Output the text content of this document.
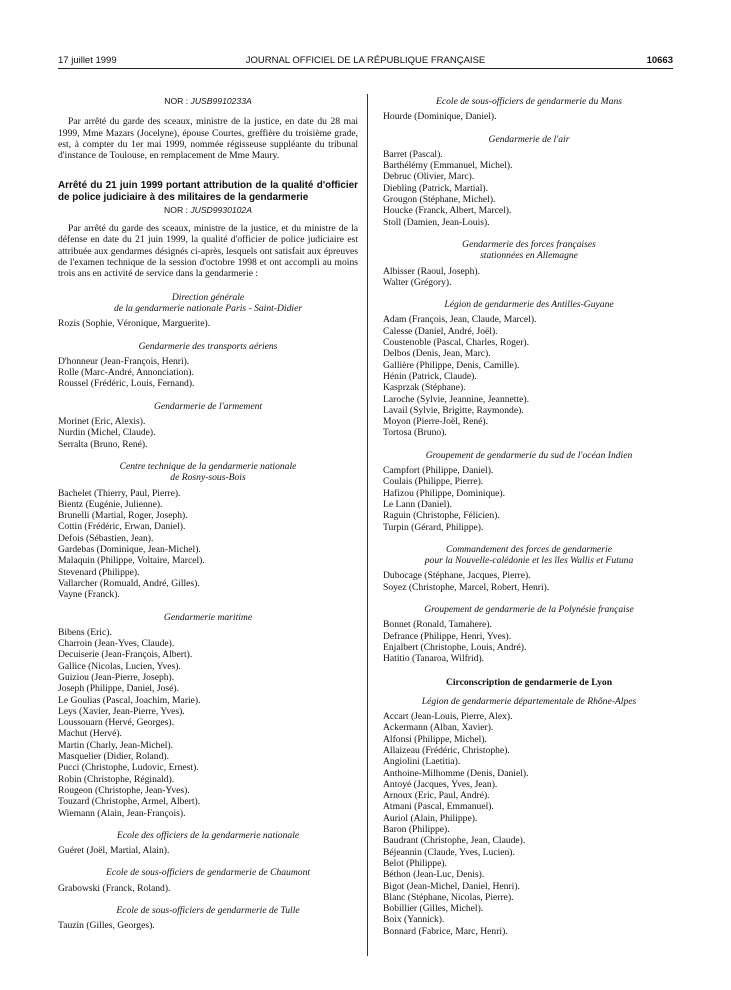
17 juillet 1999	JOURNAL OFFICIEL DE LA RÉPUBLIQUE FRANÇAISE	10663

NOR : JUSB9910233A

Par arrêté du garde des sceaux, ministre de la justice, en date du 28 mai 1999, Mme Mazars (Jocelyne), épouse Courtes, greffière du troisième grade, est, à compter du 1er mai 1999, nommée régisseuse suppléante du tribunal d'instance de Toulouse, en remplacement de Mme Maury.

Arrêté du 21 juin 1999 portant attribution de la qualité d'officier de police judiciaire à des militaires de la gendarmerie

NOR : JUSD9930102A

Par arrêté du garde des sceaux, ministre de la justice, et du ministre de la défense en date du 21 juin 1999, la qualité d'officier de police judiciaire est attribuée aux gendarmes désignés ci-après, lesquels ont satisfait aux épreuves de l'examen technique de la session d'octobre 1998 et ont accompli au moins trois ans en activité de service dans la gendarmerie :

Direction générale

de la gendarmerie nationale Paris - Saint-Didier

Rozis (Sophie, Véronique, Marguerite).

Gendarmerie des transports aériens

D'honneur (Jean-François, Henri).
Rolle (Marc-André, Annonciation).
Roussel (Frédéric, Louis, Fernand).

Gendarmerie de l'armement

Morinet (Eric, Alexis).
Nurdin (Michel, Claude).
Serralta (Bruno, René).

Centre technique de la gendarmerie nationale

de Rosny-sous-Bois

Bachelet (Thierry, Paul, Pierre).
Bientz (Eugénie, Julienne).
Brunelli (Martial, Roger, Joseph).
Cottin (Frédéric, Erwan, Daniel).
Defois (Sébastien, Jean).
Gardebas (Dominique, Jean-Michel).
Malaquin (Philippe, Voltaire, Marcel).
Stevenard (Philippe).
Vallarcher (Romuald, André, Gilles).
Vayne (Franck).

Gendarmerie maritime

Bibens (Eric).
Charroin (Jean-Yves, Claude).
Decuiserie (Jean-François, Albert).
Gallice (Nicolas, Lucien, Yves).
Guiziou (Jean-Pierre, Joseph).
Joseph (Philippe, Daniel, José).
Le Goulias (Pascal, Joachim, Marie).
Leys (Xavier, Jean-Pierre, Yves).
Loussouarn (Hervé, Georges).
Machut (Hervé).
Martin (Charly, Jean-Michel).
Masquelier (Didier, Roland).
Pucci (Christophe, Ludovic, Ernest).
Robin (Christophe, Réginald).
Rougeon (Christophe, Jean-Yves).
Touzard (Christophe, Armel, Albert).
Wiemann (Alain, Jean-François).

Ecole des officiers de la gendarmerie nationale

Guéret (Joël, Martial, Alain).

Ecole de sous-officiers de gendarmerie de Chaumont

Grabowski (Franck, Roland).

Ecole de sous-officiers de gendarmerie de Tulle

Tauzin (Gilles, Georges).

Ecole de sous-officiers de gendarmerie du Mans

Hourde (Dominique, Daniel).

Gendarmerie de l'air

Barret (Pascal).
Barthélémy (Emmanuel, Michel).
Debruc (Olivier, Marc).
Diebling (Patrick, Martial).
Grougon (Stéphane, Michel).
Houcke (Franck, Albert, Marcel).
Stoll (Damien, Jean-Louis).

Gendarmerie des forces françaises

stationnées en Allemagne

Albisser (Raoul, Joseph).
Walter (Grégory).

Légion de gendarmerie des Antilles-Guyane

Adam (François, Jean, Claude, Marcel).
Calesse (Daniel, André, Joël).
Coustenoble (Pascal, Charles, Roger).
Delbos (Denis, Jean, Marc).
Gallière (Philippe, Denis, Camille).
Hénin (Patrick, Claude).
Kasprzak (Stéphane).
Laroche (Sylvie, Jeannine, Jeannette).
Lavail (Sylvie, Brigitte, Raymonde).
Moyon (Pierre-Joël, René).
Tortosa (Bruno).

Groupement de gendarmerie du sud de l'océan Indien

Campfort (Philippe, Daniel).
Coulais (Philippe, Pierre).
Hafizou (Philippe, Dominique).
Le Lann (Daniel).
Raguin (Christophe, Félicien).
Turpin (Gérard, Philippe).

Commandement des forces de gendarmerie

pour la Nouvelle-calédonie et les îles Wallis et Futuna

Dubocage (Stéphane, Jacques, Pierre).
Soyez (Christophe, Marcel, Robert, Henri).

Groupement de gendarmerie de la Polynésie française

Bonnet (Ronald, Tamahere).
Defrance (Philippe, Henri, Yves).
Enjalbert (Christophe, Louis, André).
Hatitio (Tanaroa, Wilfrid).

Circonscription de gendarmerie de Lyon

Légion de gendarmerie départementale de Rhône-Alpes

Accart (Jean-Louis, Pierre, Alex).
Ackermann (Alban, Xavier).
Alfonsi (Philippe, Michel).
Allaizeau (Frédéric, Christophe).
Angiolini (Laetitia).
Anthoine-Milhomme (Denis, Daniel).
Antoyé (Jacques, Yves, Jean).
Arnoux (Eric, Paul, André).
Atmani (Pascal, Emmanuel).
Auriol (Alain, Philippe).
Baron (Philippe).
Baudrant (Christophe, Jean, Claude).
Béjeannin (Claude, Yves, Lucien).
Belot (Philippe).
Béthon (Jean-Luc, Denis).
Bigot (Jean-Michel, Daniel, Henri).
Blanc (Stéphane, Nicolas, Pierre).
Bobillier (Gilles, Michel).
Boix (Yannick).
Bonnard (Fabrice, Marc, Henri).
